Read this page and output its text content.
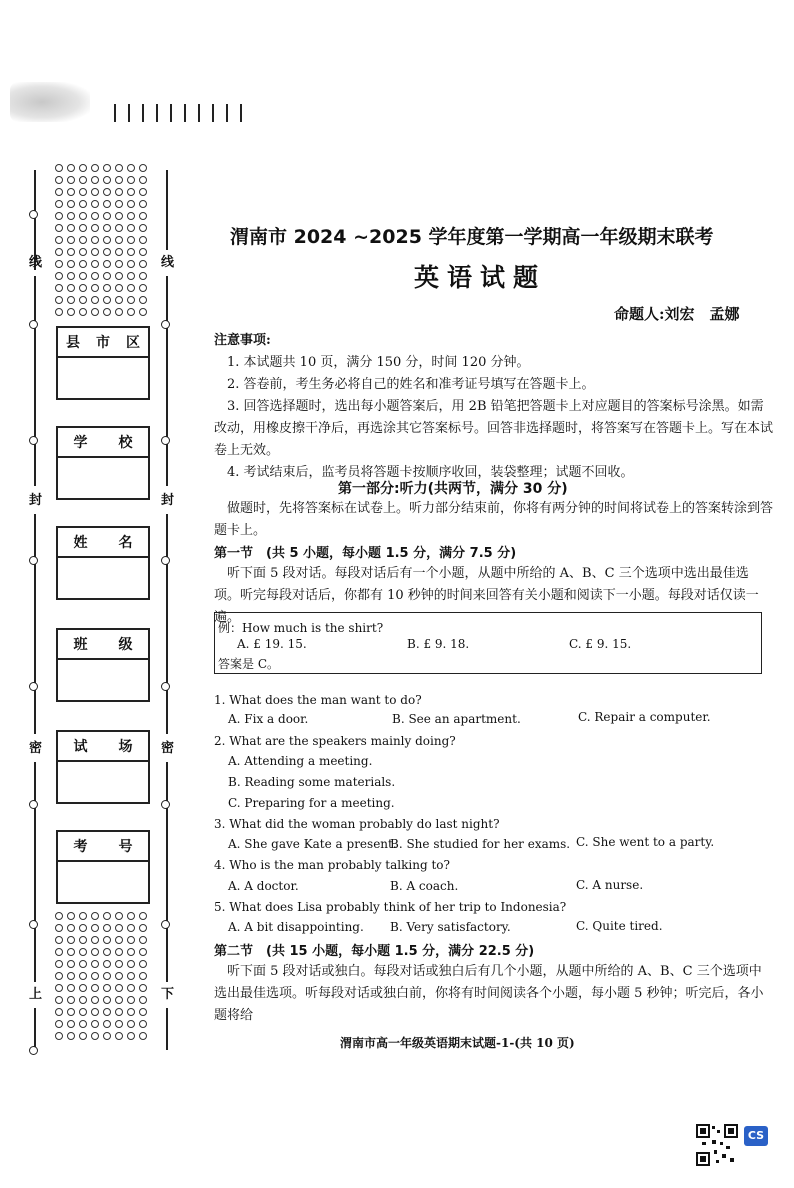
线
封
密
上
线
封
密
下
县 市 区
学 校
姓 名
班 级
试 场
考 号
渭南市 2024 ~2025 学年度第一学期高一年级期末联考
英语试题
命题人:刘宏　孟娜
注意事项:
1. 本试题共 10 页，满分 150 分，时间 120 分钟。
2. 答卷前，考生务必将自己的姓名和准考证号填写在答题卡上。
3. 回答选择题时，选出每小题答案后，用 2B 铅笔把答题卡上对应题目的答案标号涂黑。如需改动，用橡皮擦干净后，再选涂其它答案标号。回答非选择题时，将答案写在答题卡上。写在本试卷上无效。
4. 考试结束后，监考员将答题卡按顺序收回，装袋整理；试题不回收。
第一部分:听力(共两节，满分 30 分)
做题时，先将答案标在试卷上。听力部分结束前，你将有两分钟的时间将试卷上的答案转涂到答题卡上。
第一节　(共 5 小题，每小题 1.5 分，满分 7.5 分)
听下面 5 段对话。每段对话后有一个小题，从题中所给的 A、B、C 三个选项中选出最佳选项。听完每段对话后，你都有 10 秒钟的时间来回答有关小题和阅读下一小题。每段对话仅读一遍。
例：How much is the shirt?
A. £ 19. 15.	B. £ 9. 18.	C. £ 9. 15.
答案是 C。
1. What does the man want to do?
A. Fix a door.	B. See an apartment.	C. Repair a computer.
2. What are the speakers mainly doing?
A. Attending a meeting.
B. Reading some materials.
C. Preparing for a meeting.
3. What did the woman probably do last night?
A. She gave Kate a present.
B. She studied for her exams. C. She went to a party.
4. Who is the man probably talking to?
A. A doctor.	B. A coach.	C. A nurse.
5. What does Lisa probably think of her trip to Indonesia?
A. A bit disappointing. B. Very satisfactory.	C. Quite tired.
第二节　(共 15 小题，每小题 1.5 分，满分 22.5 分)
听下面 5 段对话或独白。每段对话或独白后有几个小题，从题中所给的 A、B、C 三个选项中选出最佳选项。听每段对话或独白前，你将有时间阅读各个小题，每小题 5 秒钟；听完后，各小题将给
渭南市高一年级英语期末试题-1-(共 10 页)
CS
